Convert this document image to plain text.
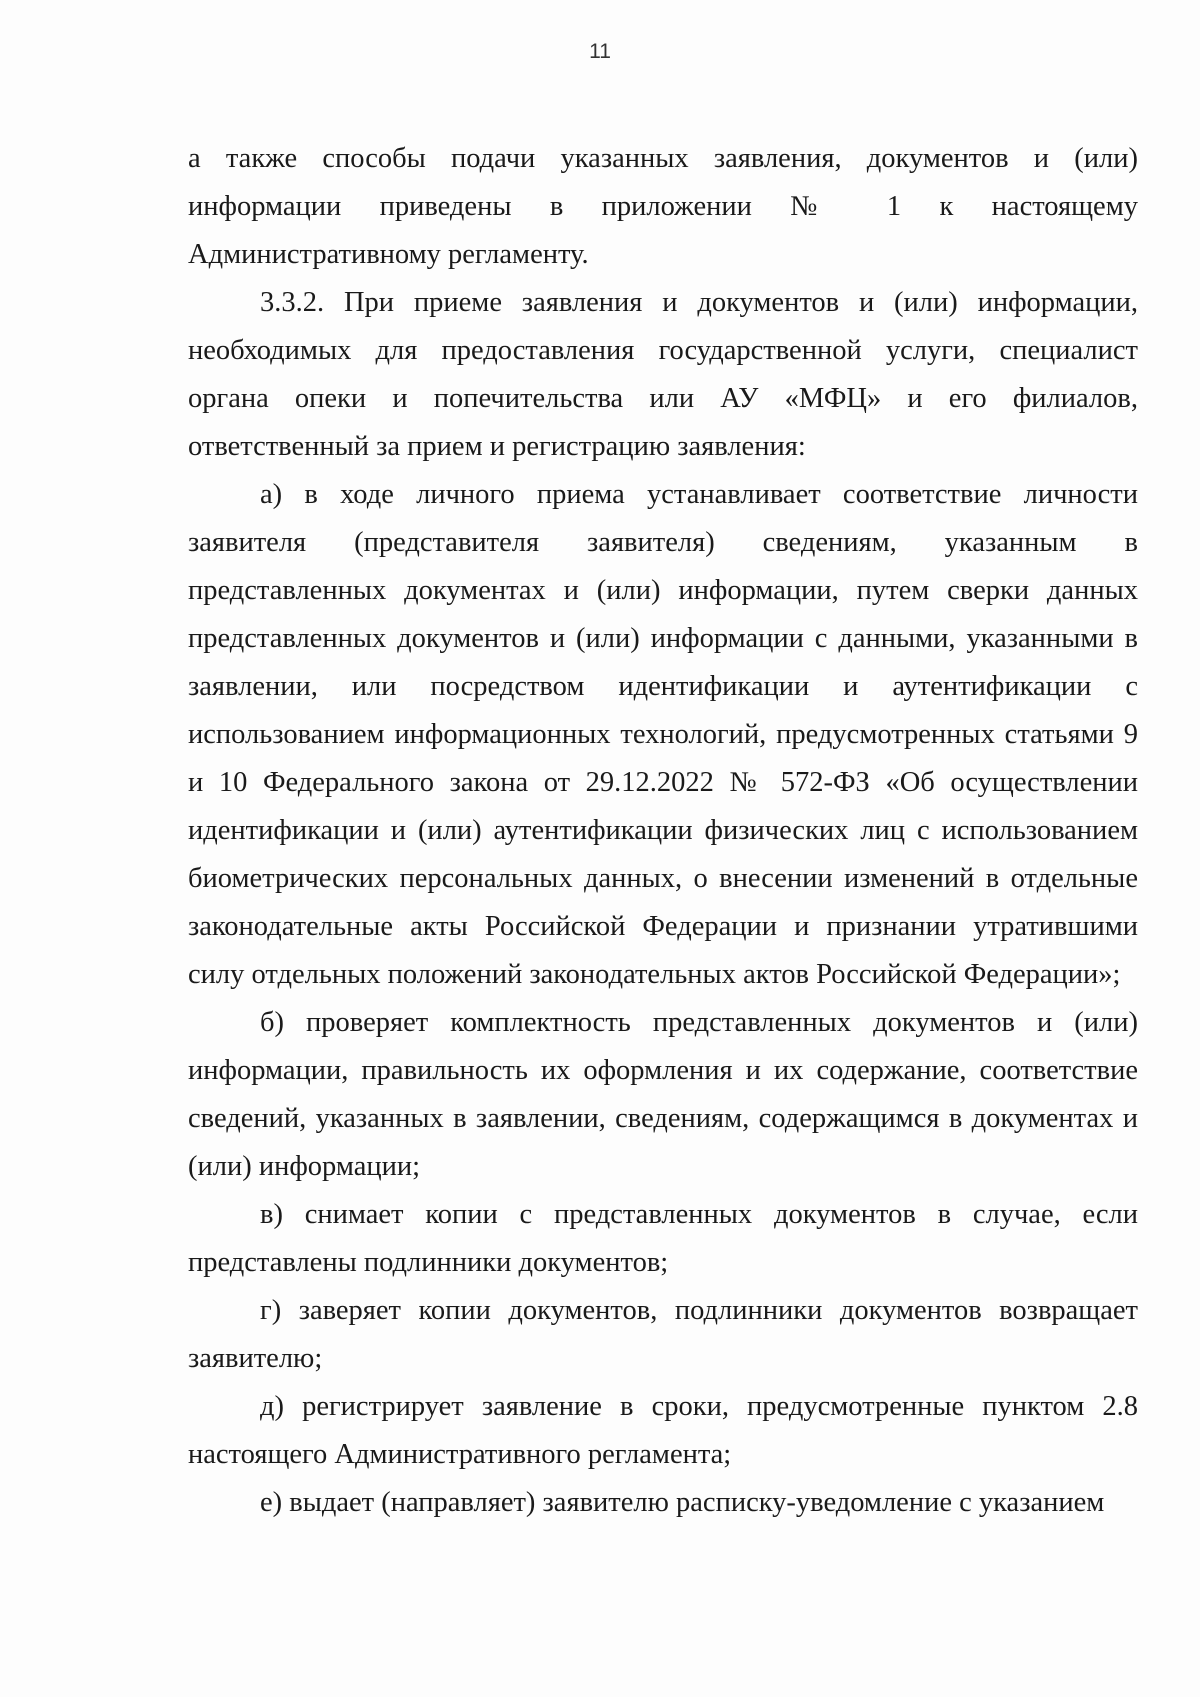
11

а также способы подачи указанных заявления, документов и (или) информации приведены в приложении № 1 к настоящему Административному регламенту.

3.3.2. При приеме заявления и документов и (или) информации, необходимых для предоставления государственной услуги, специалист органа опеки и попечительства или АУ «МФЦ» и его филиалов, ответственный за прием и регистрацию заявления:

а) в ходе личного приема устанавливает соответствие личности заявителя (представителя заявителя) сведениям, указанным в представленных документах и (или) информации, путем сверки данных представленных документов и (или) информации с данными, указанными в заявлении, или посредством идентификации и аутентификации с использованием информационных технологий, предусмотренных статьями 9 и 10 Федерального закона от 29.12.2022 № 572-ФЗ «Об осуществлении идентификации и (или) аутентификации физических лиц с использованием биометрических персональных данных, о внесении изменений в отдельные законодательные акты Российской Федерации и признании утратившими силу отдельных положений законодательных актов Российской Федерации»;

б) проверяет комплектность представленных документов и (или) информации, правильность их оформления и их содержание, соответствие сведений, указанных в заявлении, сведениям, содержащимся в документах и (или) информации;

в) снимает копии с представленных документов в случае, если представлены подлинники документов;

г) заверяет копии документов, подлинники документов возвращает заявителю;

д) регистрирует заявление в сроки, предусмотренные пунктом 2.8 настоящего Административного регламента;

е) выдает (направляет) заявителю расписку-уведомление с указанием
